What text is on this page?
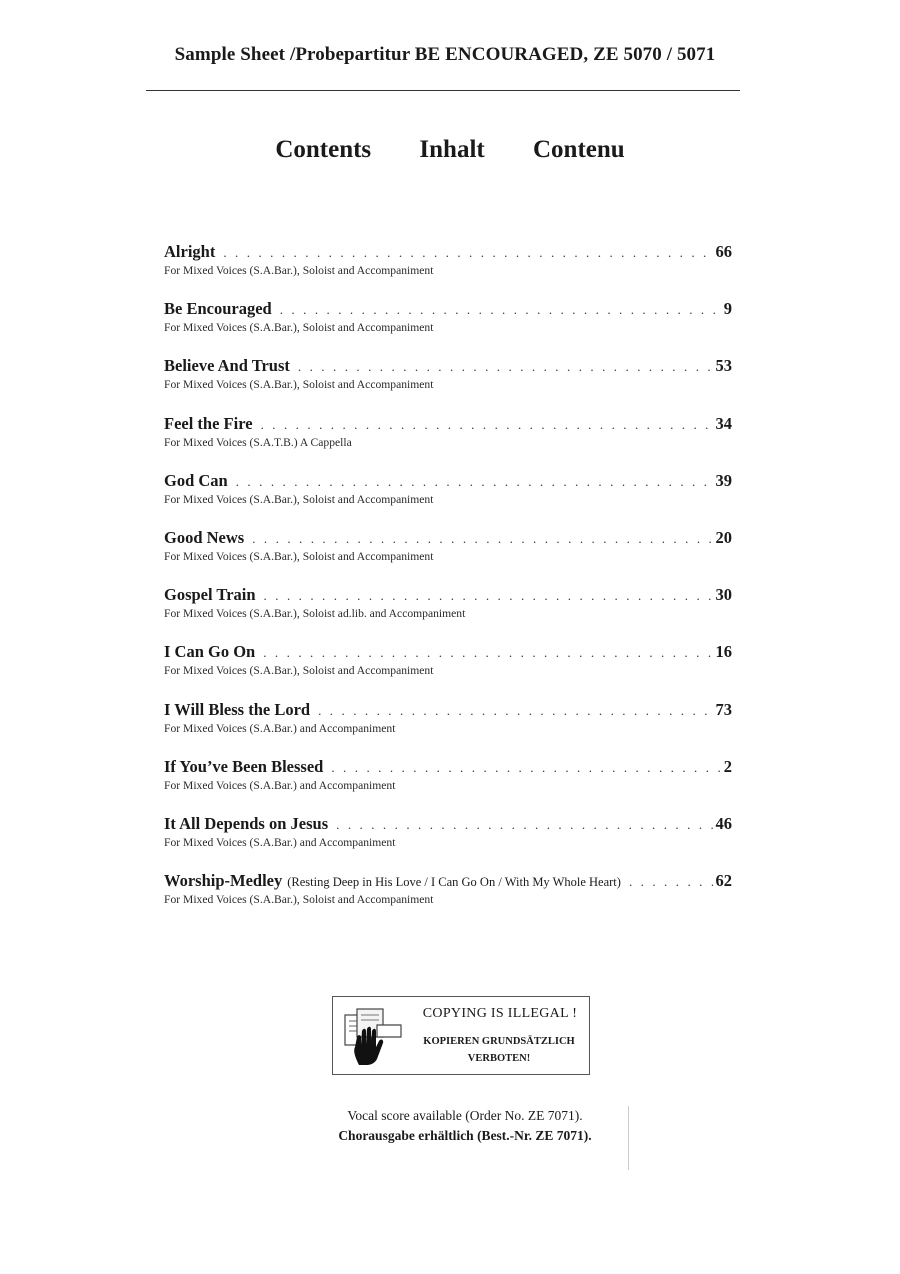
Sample Sheet /Probepartitur BE ENCOURAGED, ZE 5070 / 5071
Contents Inhalt Contenu
Alright . . .	66
For Mixed Voices (S.A.Bar.), Soloist and Accompaniment
Be Encouraged . . .	9
For Mixed Voices (S.A.Bar.), Soloist and Accompaniment
Believe And Trust . . .	53
For Mixed Voices (S.A.Bar.), Soloist and Accompaniment
Feel the Fire . . .	34
For Mixed Voices (S.A.T.B.) A Cappella
God Can . . .	39
For Mixed Voices (S.A.Bar.), Soloist and Accompaniment
Good News . . .	20
For Mixed Voices (S.A.Bar.), Soloist and Accompaniment
Gospel Train . . .	30
For Mixed Voices (S.A.Bar.), Soloist ad.lib. and Accompaniment
I Can Go On . . .	16
For Mixed Voices (S.A.Bar.), Soloist and Accompaniment
I Will Bless the Lord . . .	73
For Mixed Voices (S.A.Bar.) and Accompaniment
If You’ve Been Blessed . . .	2
For Mixed Voices (S.A.Bar.) and Accompaniment
It All Depends on Jesus . . .	46
For Mixed Voices (S.A.Bar.) and Accompaniment
Worship-Medley (Resting Deep in His Love / I Can Go On / With My Whole Heart) . . .	62
For Mixed Voices (S.A.Bar.), Soloist and Accompaniment
COPYING IS ILLEGAL !
KOPIEREN GRUNDSÄTZLICH
VERBOTEN!
Vocal score available (Order No. ZE 7071).
Chorausgabe erhältlich (Best.-Nr. ZE 7071).
